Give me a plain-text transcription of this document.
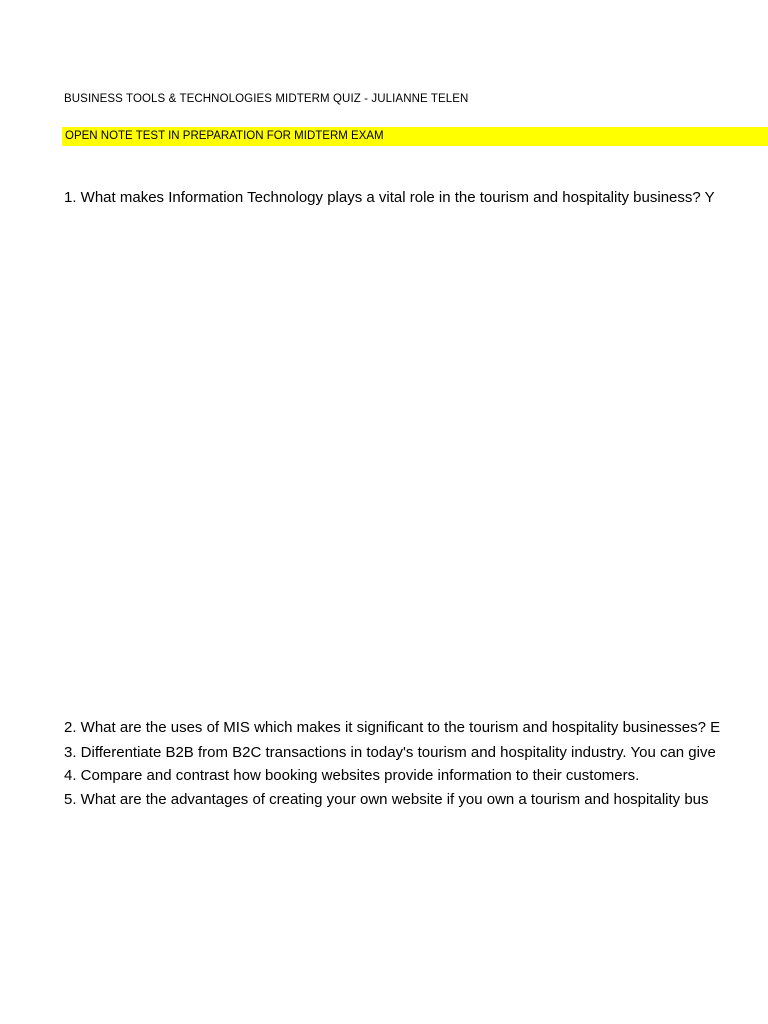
BUSINESS TOOLS & TECHNOLOGIES MIDTERM QUIZ - JULIANNE TELEN
OPEN NOTE TEST IN PREPARATION FOR MIDTERM EXAM
1. What makes Information Technology plays a vital role in the tourism and hospitality business? Y
2. What are the uses of MIS which makes it significant to the tourism and hospitality businesses? E
3. Differentiate B2B from B2C transactions in today's tourism and hospitality industry. You can give
4. Compare and contrast how booking websites provide information to their customers.
5. What are the advantages of creating your own website if you own a tourism and hospitality bus
